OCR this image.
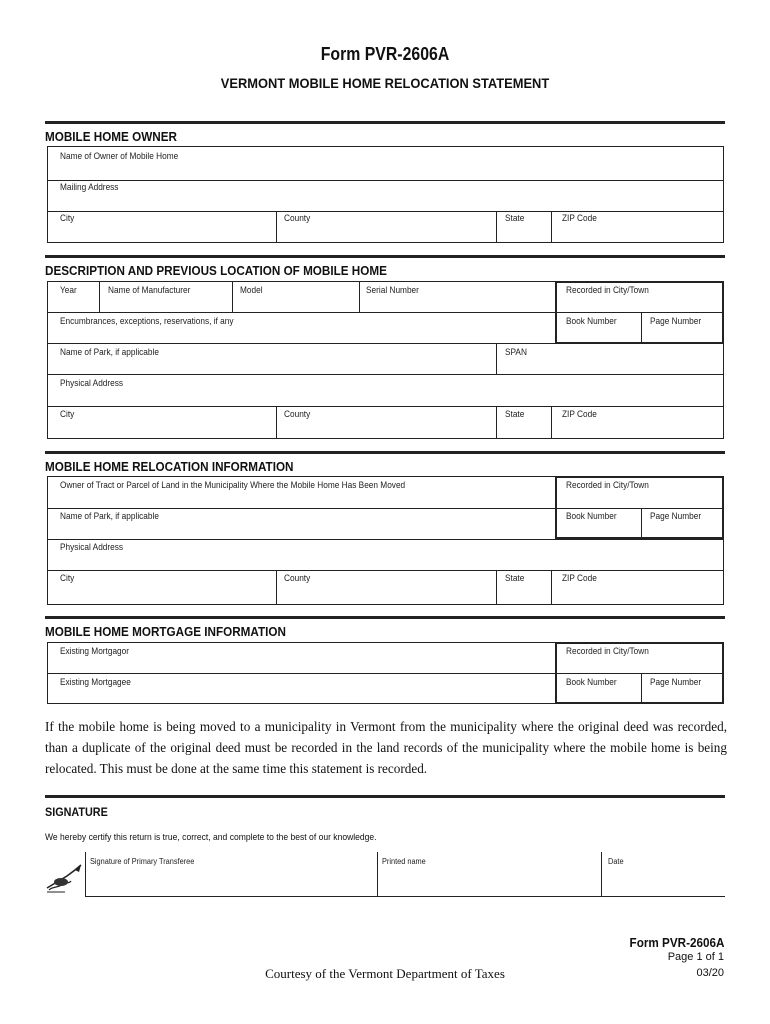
Form PVR-2606A
VERMONT MOBILE HOME RELOCATION STATEMENT
MOBILE HOME OWNER
Name of Owner of Mobile Home
Mailing Address
City	County	State	ZIP Code
DESCRIPTION AND PREVIOUS LOCATION OF MOBILE HOME
Year	Name of Manufacturer	Model	Serial Number	Recorded in City/Town
Encumbrances, exceptions, reservations, if any	Book Number	Page Number
Name of Park, if applicable	SPAN
Physical Address
City	County	State	ZIP Code
MOBILE HOME RELOCATION INFORMATION
Owner of Tract or Parcel of Land in the Municipality Where the Mobile Home Has Been Moved	Recorded in City/Town
Name of Park, if applicable	Book Number	Page Number
Physical Address
City	County	State	ZIP Code
MOBILE HOME MORTGAGE INFORMATION
Existing Mortgagor	Recorded in City/Town
Existing Mortgagee	Book Number	Page Number
If the mobile home is being moved to a municipality in Vermont from the municipality where the original deed was recorded, than a duplicate of the original deed must be recorded in the land records of the municipality where the mobile home is being relocated. This must be done at the same time this statement is recorded.
SIGNATURE
We hereby certify this return is true, correct, and complete to the best of our knowledge.
Signature of Primary Transferee	Printed name	Date
Form PVR-2606A
Page 1 of 1
Courtesy of the Vermont Department of Taxes	03/20
